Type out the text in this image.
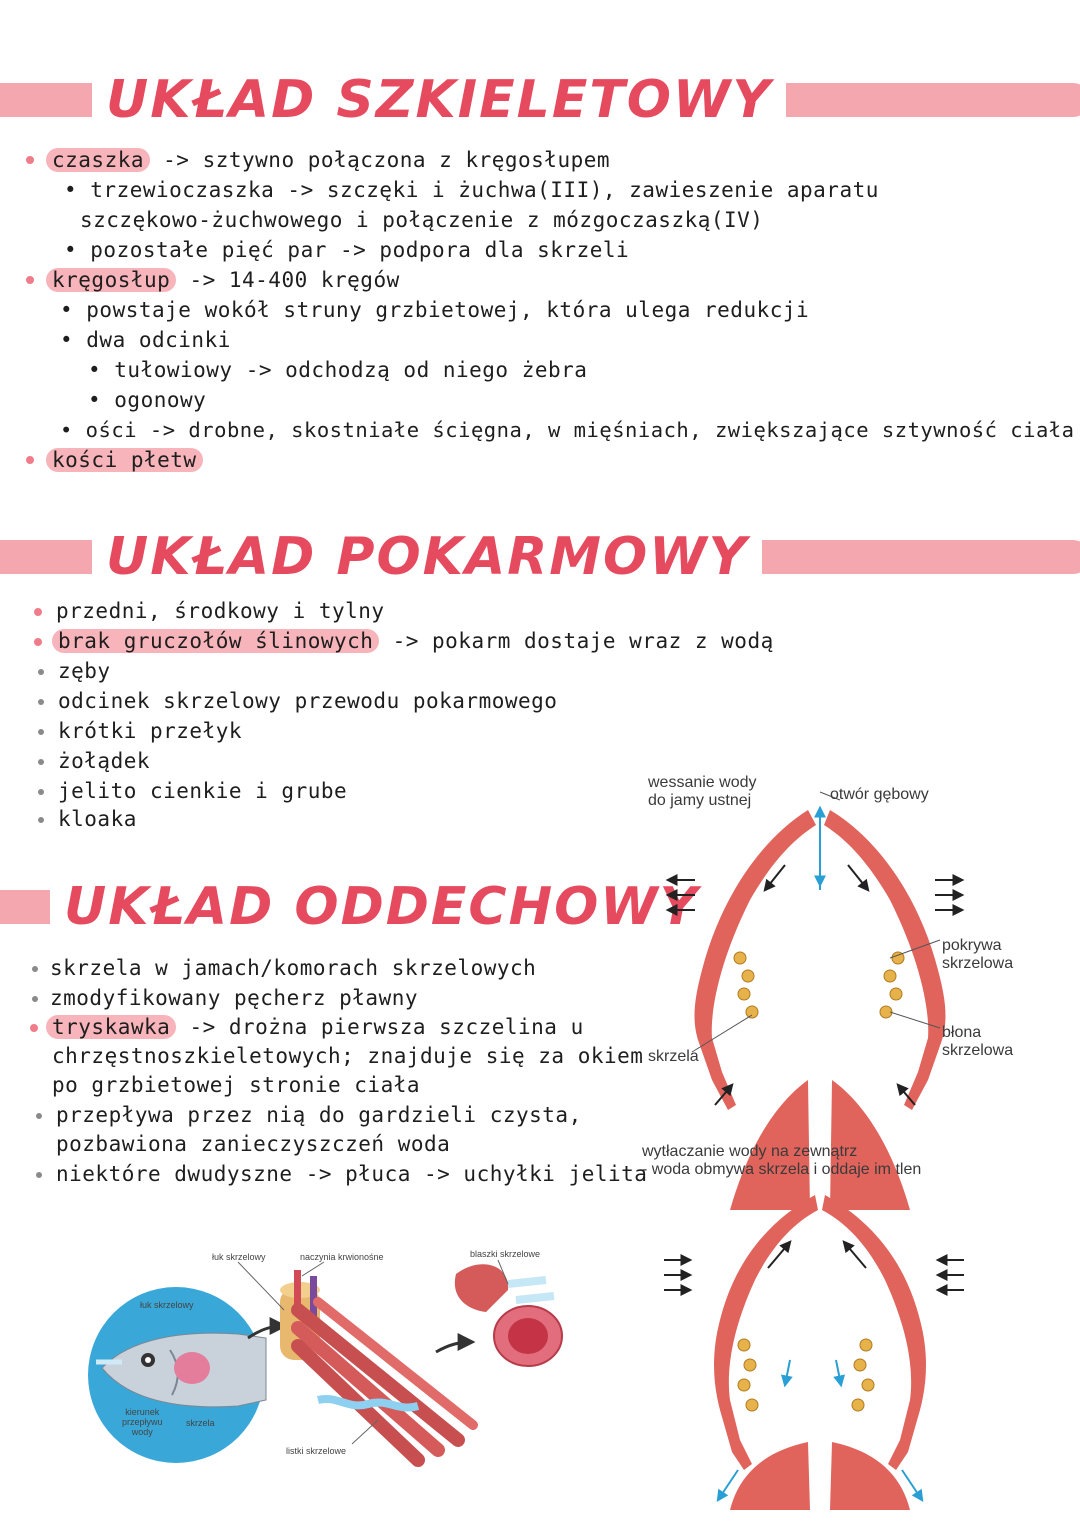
UKŁAD SZKIELETOWY
czaszka -> sztywno połączona z kręgosłupem
• trzewioczaszka -> szczęki i żuchwa(III), zawieszenie aparatu
szczękowo-żuchwowego i połączenie z mózgoczaszką(IV)
• pozostałe pięć par -> podpora dla skrzeli
kręgosłup -> 14-400 kręgów
• powstaje wokół struny grzbietowej, która ulega redukcji
• dwa odcinki
• tułowiowy -> odchodzą od niego żebra
• ogonowy
• ości -> drobne, skostniałe ścięgna, w mięśniach, zwiększające sztywność ciała
kości płetw
UKŁAD POKARMOWY
przedni, środkowy i tylny
brak gruczołów ślinowych -> pokarm dostaje wraz z wodą
zęby
odcinek skrzelowy przewodu pokarmowego
krótki przełyk
żołądek
jelito cienkie i grube
kloaka
UKŁAD ODDECHOWY
skrzela w jamach/komorach skrzelowych
zmodyfikowany pęcherz pławny
tryskawka -> drożna pierwsza szczelina u
chrzęstnoszkieletowych; znajduje się za okiem
po grzbietowej stronie ciała
przepływa przez nią do gardzieli czysta,
pozbawiona zanieczyszczeń woda
niektóre dwudyszne -> płuca -> uchyłki jelita
wessanie wody
do jamy ustnej	otwór gębowy
pokrywa
skrzelowa
skrzela
błona
skrzelowa
wytłaczanie wody na zewnątrz
- woda obmywa skrzela i oddaje im tlen
łuk skrzelowy	naczynia krwionośne	blaszki skrzelowe
łuk skrzelowy
kierunek
przepływu
wody
skrzela
listki skrzelowe
